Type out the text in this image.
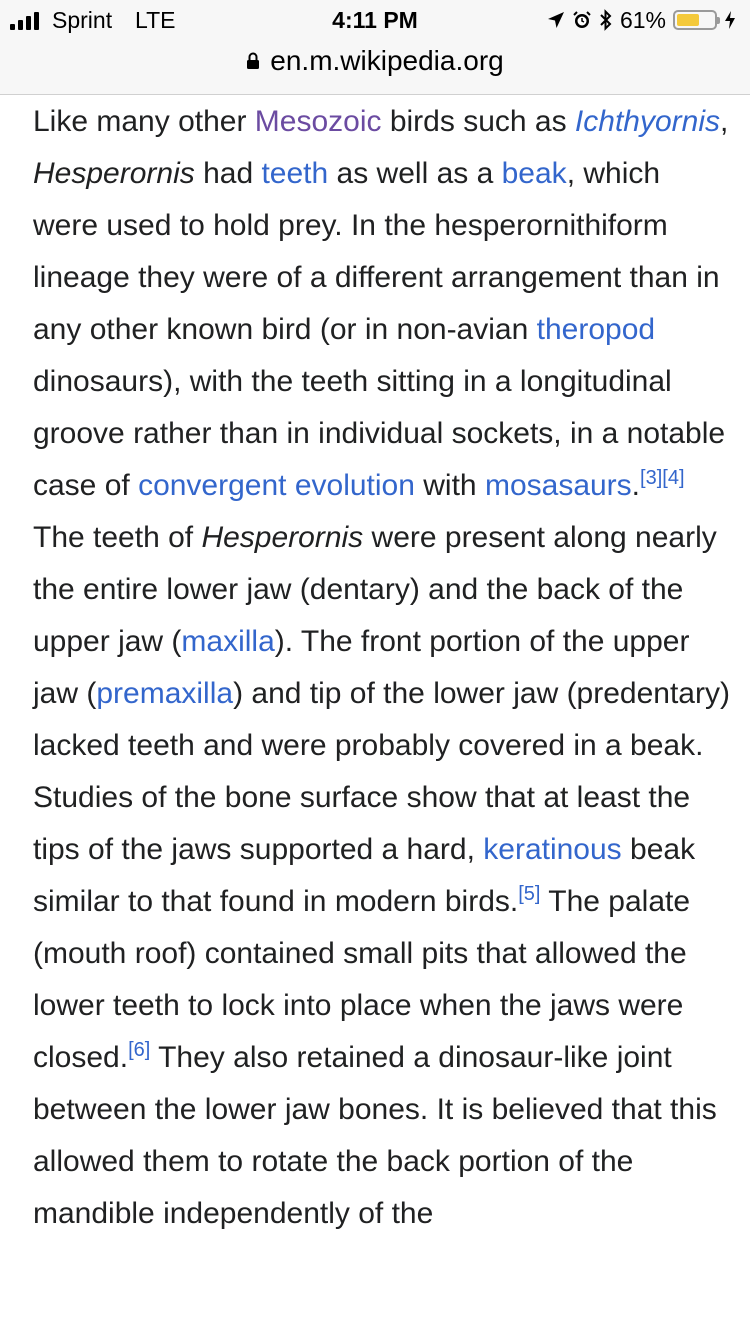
Sprint LTE	4:11 PM	61%
en.m.wikipedia.org

Like many other Mesozoic birds such as Ichthyornis, Hesperornis had teeth as well as a beak, which were used to hold prey. In the hesperornithiform lineage they were of a different arrangement than in any other known bird (or in non-avian theropod dinosaurs), with the teeth sitting in a longitudinal groove rather than in individual sockets, in a notable case of convergent evolution with mosasaurs.[3][4] The teeth of Hesperornis were present along nearly the entire lower jaw (dentary) and the back of the upper jaw (maxilla). The front portion of the upper jaw (premaxilla) and tip of the lower jaw (predentary) lacked teeth and were probably covered in a beak. Studies of the bone surface show that at least the tips of the jaws supported a hard, keratinous beak similar to that found in modern birds.[5] The palate (mouth roof) contained small pits that allowed the lower teeth to lock into place when the jaws were closed.[6] They also retained a dinosaur-like joint between the lower jaw bones. It is believed that this allowed them to rotate the back portion of the mandible independently of the
